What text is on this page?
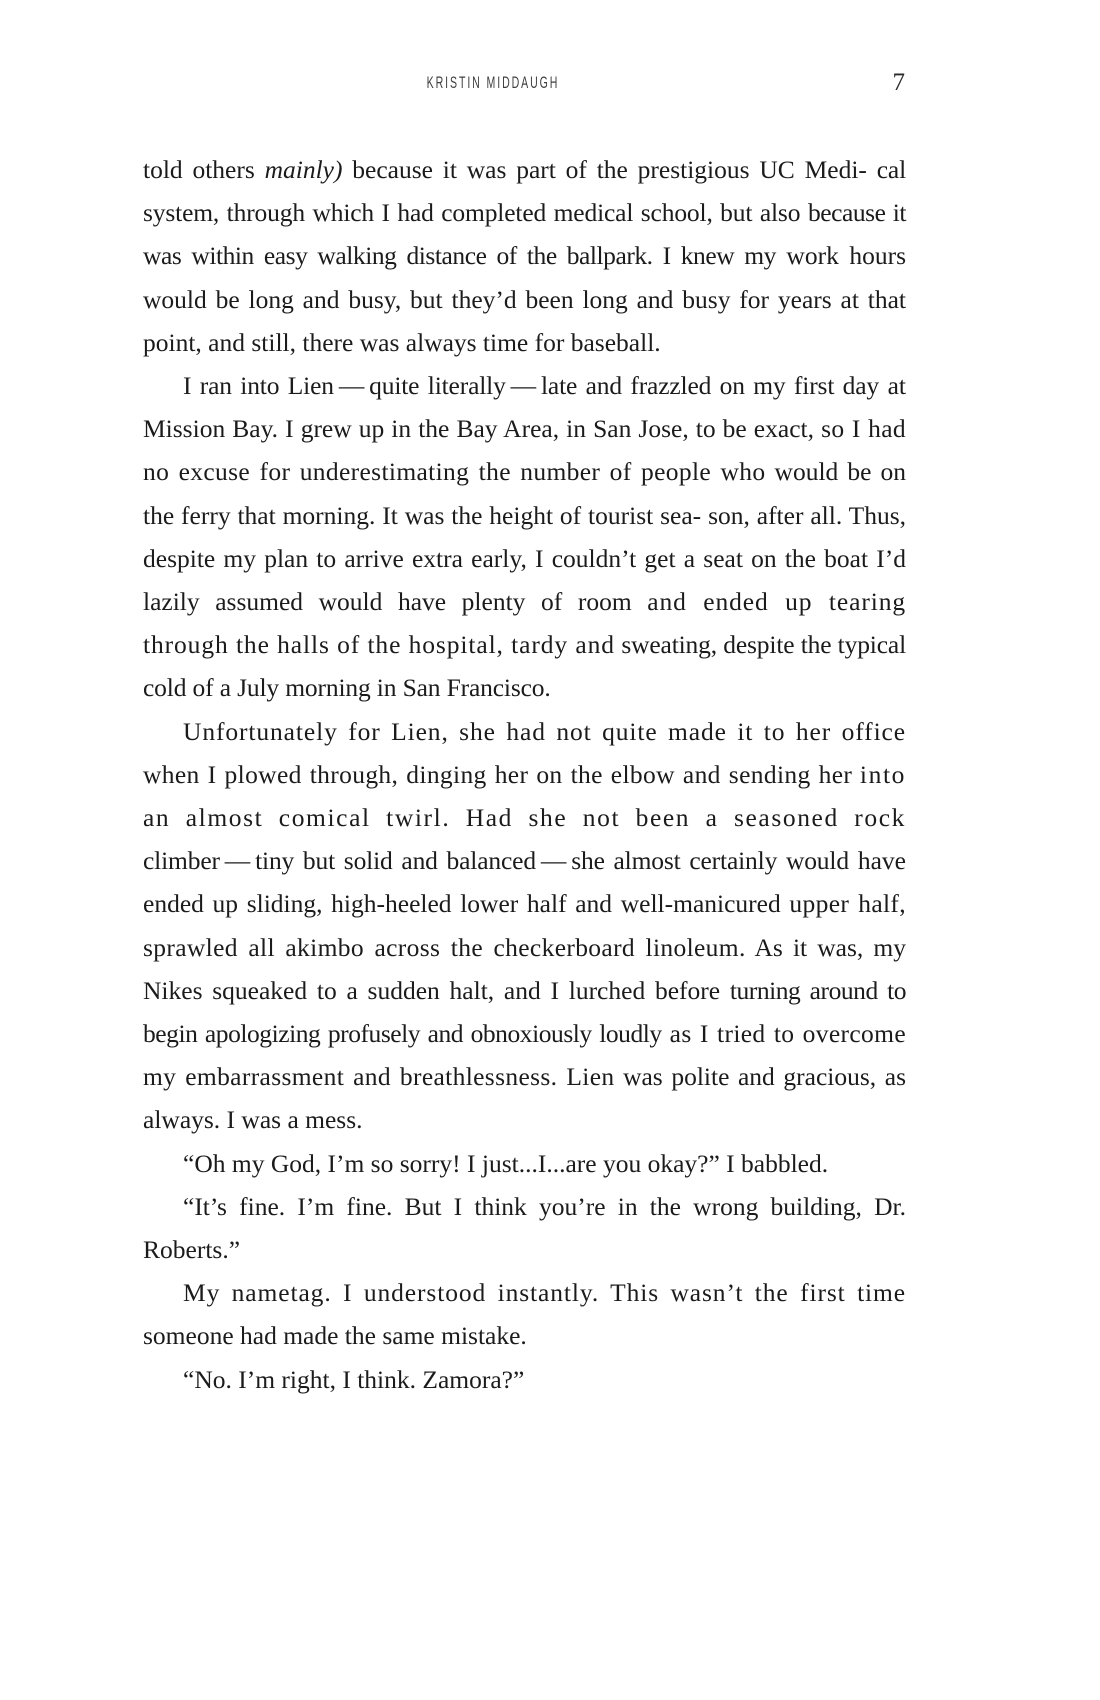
KRISTIN MIDDAUGH	7

told others mainly) because it was part of the prestigious UC Medi- cal system, through which I had completed medical school, but also because it was within easy walking distance of the ballpark. I knew my work hours would be long and busy, but they’d been long and busy for years at that point, and still, there was always time for baseball.

I ran into Lien — quite literally — late and frazzled on my first day at Mission Bay. I grew up in the Bay Area, in San Jose, to be exact, so I had no excuse for underestimating the number of people who would be on the ferry that morning. It was the height of tourist sea- son, after all. Thus, despite my plan to arrive extra early, I couldn’t get a seat on the boat I’d lazily assumed would have plenty of room and ended up tearing through the halls of the hospital, tardy and sweating, despite the typical cold of a July morning in San Francisco.

Unfortunately for Lien, she had not quite made it to her office when I plowed through, dinging her on the elbow and sending her into an almost comical twirl. Had she not been a seasoned rock climber — tiny but solid and balanced — she almost certainly would have ended up sliding, high-heeled lower half and well-manicured upper half, sprawled all akimbo across the checkerboard linoleum. As it was, my Nikes squeaked to a sudden halt, and I lurched before turning around to begin apologizing profusely and obnoxiously loudly as I tried to overcome my embarrassment and breathlessness. Lien was polite and gracious, as always. I was a mess.

“Oh my God, I’m so sorry! I just...I...are you okay?” I babbled.

“It’s fine. I’m fine. But I think you’re in the wrong building, Dr. Roberts.”

My nametag. I understood instantly. This wasn’t the first time someone had made the same mistake.

“No. I’m right, I think. Zamora?”
